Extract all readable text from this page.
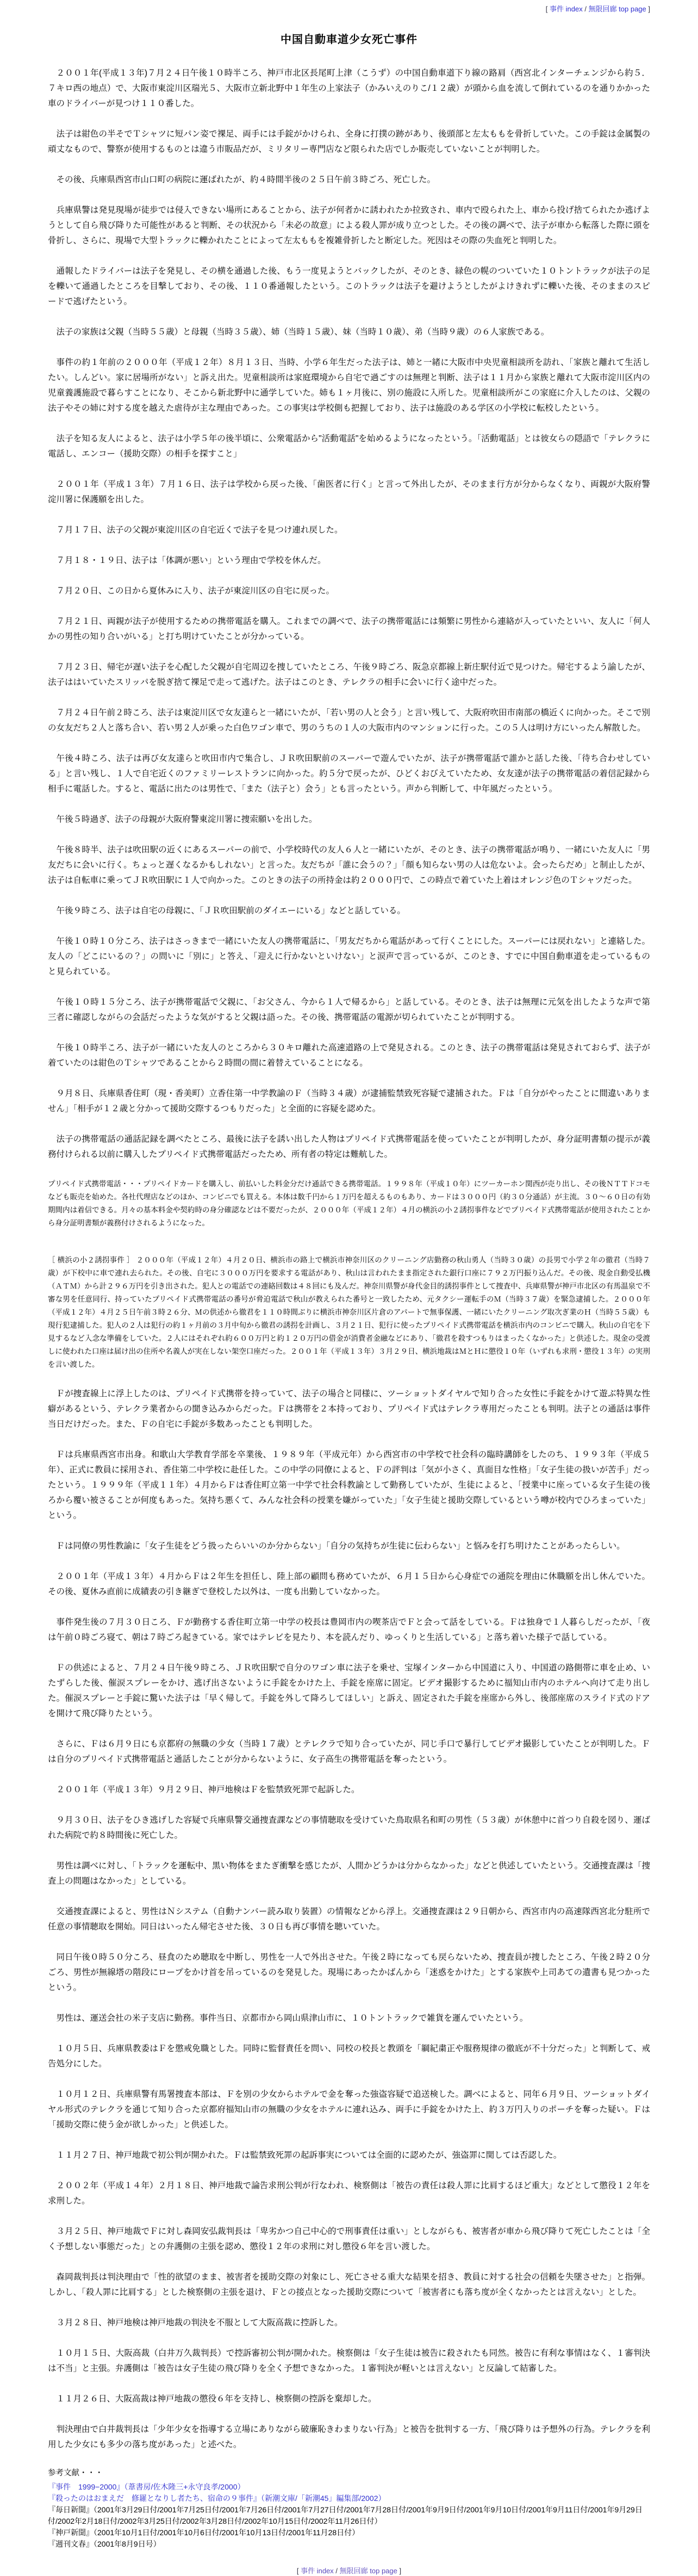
[ 事件 index / 無限回廊 top page ]
中国自動車道少女死亡事件

２００１年(平成１３年)７月２４日午後１０時半ころ、神戸市北区長尾町上津（こうず）の中国自動車道下り線の路肩（西宮北インターチェンジから約５．７キロ西の地点）で、大阪市東淀川区瑞光５、大阪市立新北野中１年生の上家法子（かみいえのりこ/１２歳）が頭から血を流して倒れているのを通りかかった車のドライバーが見つけ１１０番した。

法子は紺色の半そでＴシャツに短パン姿で裸足、両手には手錠がかけられ、全身に打撲の跡があり、後頭部と左太ももを骨折していた。この手錠は金属製の頑丈なもので、警察が使用するものとは違う市販品だが、ミリタリー専門店など限られた店でしか販売していないことが判明した。

その後、兵庫県西宮市山口町の病院に運ばれたが、約４時間半後の２５日午前３時ごろ、死亡した。

兵庫県警は発見現場が徒歩では侵入できない場所にあることから、法子が何者かに誘われたか拉致され、車内で殴られた上、車から投げ捨てられたか逃げようとして自ら飛び降りた可能性があると判断、その状況から「未必の故意」による殺人罪が成り立つとした。その後の調べで、法子が車から転落した際に頭を骨折し、さらに、現場で大型トラックに轢かれたことによって左太ももを複雑骨折したと断定した。死因はその際の失血死と判明した。

通報したドライバーは法子を発見し、その横を通過した後、もう一度見ようとバックしたが、そのとき、緑色の幌のついていた１０トントラックが法子の足を轢いて通過したところを目撃しており、その後、１１０番通報したという。このトラックは法子を避けようとしたがよけきれずに轢いた後、そのままのスピードで逃げたという。

法子の家族は父親（当時５５歳）と母親（当時３５歳）、姉（当時１５歳）、妹（当時１０歳）、弟（当時９歳）の６人家族である。

事件の約１年前の２０００年（平成１２年）８月１３日、当時、小学６年生だった法子は、姉と一緒に大阪市中央児童相談所を訪れ、「家族と離れて生活したい。しんどい。家に居場所がない」と訴え出た。児童相談所は家庭環境から自宅で過ごすのは無理と判断、法子は１１月から家族と離れて大阪市淀川区内の児童養護施設で暮らすことになり、そこから新北野中に通学していた。姉も１ヶ月後に、別の施設に入所した。児童相談所がこの家庭に介入したのは、父親の法子やその姉に対する度を越えた虐待が主な理由であった。この事実は学校側も把握しており、法子は施設のある学区の小学校に転校したという。

法子を知る友人によると、法子は小学５年の後半頃に、公衆電話から"活動電話"を始めるようになったという。「活動電話」とは彼女らの隠語で「テレクラに電話し、エンコー（援助交際）の相手を探すこと」

２００１年（平成１３年）７月１６日、法子は学校から戻った後、「歯医者に行く」と言って外出したが、そのまま行方が分からなくなり、両親が大阪府警淀川署に保護願を出した。

７月１７日、法子の父親が東淀川区の自宅近くで法子を見つけ連れ戻した。

７月１８・１９日、法子は「体調が悪い」という理由で学校を休んだ。

７月２０日、この日から夏休みに入り、法子が東淀川区の自宅に戻った。

７月２１日、両親が法子が使用するための携帯電話を購入。これまでの調べで、法子の携帯電話には頻繁に男性から連絡が入っていたといい、友人に「何人かの男性の知り合いがいる」と打ち明けていたことが分かっている。

７月２３日、帰宅が遅い法子を心配した父親が自宅周辺を捜していたところ、午後９時ごろ、阪急京都線上新庄駅付近で見つけた。帰宅するよう諭したが、法子ははいていたスリッパを脱ぎ捨て裸足で走って逃げた。法子はこのとき、テレクラの相手に会いに行く途中だった。

７月２４日午前２時ころ、法子は東淀川区で女友達らと一緒にいたが、「若い男の人と会う」と言い残して、大阪府吹田市南部の橋近くに向かった。そこで別の女友だち２人と落ち合い、若い男２人が乗った白色ワゴン車で、男のうちの１人の大阪市内のマンションに行った。この５人は明け方にいったん解散した。

午後４時ころ、法子は再び女友達らと吹田市内で集合し、ＪＲ吹田駅前のスーパーで遊んでいたが、法子が携帯電話で誰かと話した後、「待ち合わせしている」と言い残し、１人で自宅近くのファミリーレストランに向かった。約５分で戻ったが、ひどくおびえていたため、女友達が法子の携帯電話の着信記録から相手に電話した。すると、電話に出たのは男性で、「また（法子と）会う」とも言ったという。声から判断して、中年風だったという。

午後５時過ぎ、法子の母親が大阪府警東淀川署に捜索願いを出した。

午後８時半、法子は吹田駅の近くにあるスーパーの前で、小学校時代の友人６人と一緒にいたが、そのとき、法子の携帯電話が鳴り、一緒にいた友人に「男友だちに会いに行く。ちょっと遅くなるかもしれない」と言った。友だちが「誰に会うの？」「顔も知らない男の人は危ないよ。会ったらだめ」と制止したが、法子は自転車に乗ってＪＲ吹田駅に１人で向かった。このときの法子の所持金は約２０００円で、この時点で着ていた上着はオレンジ色のＴシャツだった。

午後９時ころ、法子は自宅の母親に、「ＪＲ吹田駅前のダイエーにいる」などと話している。

午後１０時１０分ころ、法子はさっきまで一緒にいた友人の携帯電話に、「男友だちから電話があって行くことにした。スーパーには戻れない」と連絡した。友人の「どこにいるの？」の問いに「別に」と答え、「迎えに行かないといけない」と涙声で言っているが、このとき、すでに中国自動車道を走っているものと見られている。

午後１０時１５分ころ、法子が携帯電話で父親に、「お父さん、今から１人で帰るから」と話している。そのとき、法子は無理に元気を出したような声で第三者に確認しながらの会話だったような気がすると父親は語った。その後、携帯電話の電源が切られていたことが判明する。

午後１０時半ころ、法子が一緒にいた友人のところから３０キロ離れた高速道路の上で発見される。このとき、法子の携帯電話は発見されておらず、法子が着ていたのは紺色のＴシャツであることから２時間の間に着替えていることになる。

９月８日、兵庫県香住町（現・香美町）立香住第一中学教諭のＦ（当時３４歳）が逮捕監禁致死容疑で逮捕された。Ｆは「自分がやったことに間違いありません」「相手が１２歳と分かって援助交際するつもりだった」と全面的に容疑を認めた。

法子の携帯電話の通話記録を調べたところ、最後に法子を誘い出した人物はプリペイド式携帯電話を使っていたことが判明したが、身分証明書類の提示が義務付けられる以前に購入したプリペイド式携帯電話だったため、所有者の特定は難航した。

プリペイド式携帯電話・・・プリペイドカードを購入し、前払いした料金分だけ通話できる携帯電話。１９９８年（平成１０年）にツーカーホン関西が売り出し、その後ＮＴＴドコモなども販売を始めた。各社代理店などのほか、コンビニでも買える。本体は数千円から１万円を超えるものもあり、カードは３０００円（約３０分通話）が主流。３０～６０日の有効期間内は着信できる。月々の基本料金や契約時の身分確認などは不要だったが、２０００年（平成１２年）４月の横浜の小２誘拐事件などでプリペイド式携帯電話が使用されたことから身分証明書類が義務付けされるようになった。

［ 横浜の小２誘拐事件 ］ ２０００年（平成１２年）４月２０日、横浜市の路上で横浜市神奈川区のクリーニング店勤務の秋山勇人（当時３０歳）の長男で小学２年の徹君（当時７歳）が下校中に車で連れ去られた。その後、自宅に３０００万円を要求する電話があり、秋山は言われたまま指定された銀行口座に７９２万円振り込んだ。その後、現金自動受払機（ＡＴＭ）から計２９６万円を引き出された。犯人との電話での連絡回数は４８回にも及んだ。神奈川県警が身代金目的誘拐事件として捜査中、兵庫県警が神戸市北区の有馬温泉で不審な男を任意同行、持っていたプリペイド式携帯電話の番号が脅迫電話で秋山が教えられた番号と一致したため、元タクシー運転手のＭ（当時３７歳）を緊急逮捕した。２０００年（平成１２年）４月２５日午前３時２６分、Ｍの供述から徹君を１１０時間ぶりに横浜市神奈川区片倉のアパートで無事保護、一緒にいたクリーニング取次ぎ業のＨ（当時５５歳）も現行犯逮捕した。犯人の２人は犯行の約１ヶ月前の３月中旬から徹君の誘拐を計画し、３月２１日、犯行に使ったプリペイド式携帯電話を横浜市内のコンビニで購入。秋山の自宅を下見するなど入念な準備をしていた。２人にはそれぞれ約６００万円と約１２０万円の借金が消費者金融などにあり、「徹君を殺すつもりはまったくなかった」と供述した。現金の受渡しに使われた口座は届け出の住所や名義人が実在しない架空口座だった。２００１年（平成１３年）３月２９日、横浜地裁はＭとＨに懲役１０年（いずれも求刑・懲役１３年）の実刑を言い渡した。

Ｆが捜査線上に浮上したのは、プリペイド式携帯を持っていて、法子の場合と同様に、ツーショットダイヤルで知り合った女性に手錠をかけて遊ぶ特異な性癖があるという、テレクラ業者からの聞き込みからだった。Ｆは携帯を２本持っており、プリペイド式はテレクラ専用だったことも判明。法子との通話は事件当日だけだった。また、Ｆの自宅に手錠が多数あったことも判明した。

Ｆは兵庫県西宮市出身。和歌山大学教育学部を卒業後、１９８９年（平成元年）から西宮市の中学校で社会科の臨時講師をしたのち、１９９３年（平成５年）、正式に教員に採用され、香住第二中学校に赴任した。この中学の同僚によると、Ｆの評判は「気が小さく、真面目な性格」「女子生徒の扱いが苦手」だったという。１９９９年（平成１１年）４月からＦは香住町立第一中学で社会科教諭として勤務していたが、生徒によると、「授業中に座っている女子生徒の後ろから覆い被さることが何度もあった。気持ち悪くて、みんな社会科の授業を嫌がっていた」「女子生徒と援助交際しているという噂が校内でひろまっていた」という。

Ｆは同僚の男性教諭に「女子生徒をどう扱ったらいいのか分からない」「自分の気持ちが生徒に伝わらない」と悩みを打ち明けたことがあったらしい。

２００１年（平成１３年）４月からＦは２年生を担任し、陸上部の顧問も務めていたが、６月１５日から心身症での通院を理由に休職願を出し休んでいた。その後、夏休み直前に成績表の引き継ぎで登校した以外は、一度も出勤していなかった。

事件発生後の７月３０日ころ、Ｆが勤務する香住町立第一中学の校長は豊岡市内の喫茶店でＦと会って話をしている。Ｆは独身で１人暮らしだったが、「夜は午前０時ごろ寝て、朝は７時ごろ起きている。家ではテレビを見たり、本を読んだり、ゆっくりと生活している」と落ち着いた様子で話している。

Ｆの供述によると、７月２４日午後９時ころ、ＪＲ吹田駅で自分のワゴン車に法子を乗せ、宝塚インターから中国道に入り、中国道の路側帯に車を止め、いたずらした後、催涙スプレーをかけ、逃げ出さないように手錠をかけた上、手錠を座席に固定。ビデオ撮影するために福知山市内のホテルへ向けて走り出した。催涙スプレーと手錠に驚いた法子は「早く帰して。手錠を外して降ろしてほしい」と訴え、固定された手錠を座席から外し、後部座席のスライド式のドアを開けて飛び降りたという。

さらに、Ｆは６月９日にも京都府の無職の少女（当時１７歳）とテレクラで知り合っていたが、同じ手口で暴行してビデオ撮影していたことが判明した。Ｆは自分のプリペイド式携帯電話と通話したことが分からないように、女子高生の携帯電話を奪ったという。

２００１年（平成１３年）９月２９日、神戸地検はＦを監禁致死罪で起訴した。

９月３０日、法子をひき逃げした容疑で兵庫県警交通捜査課などの事情聴取を受けていた鳥取県名和町の男性（５３歳）が休憩中に首つり自殺を図り、運ばれた病院で約８時間後に死亡した。

男性は調べに対し、「トラックを運転中、黒い物体をまたぎ衝撃を感じたが、人間かどうかは分からなかった」などと供述していたという。交通捜査課は「捜査上の問題はなかった」としている。

交通捜査課によると、男性はＮシステム（自動ナンバー読み取り装置）の情報などから浮上。交通捜査課は２９日朝から、西宮市内の高速隊西宮北分駐所で任意の事情聴取を開始。同日はいったん帰宅させた後、３０日も再び事情を聴いていた。

同日午後０時５０分ころ、昼食のため聴取を中断し、男性を一人で外出させた。午後２時になっても戻らないため、捜査員が捜したところ、午後２時２０分ごろ、男性が無線塔の階段にロープをかけ首を吊っているのを発見した。現場にあったかばんから「迷惑をかけた」とする家族や上司あての遺書も見つかったという。

男性は、運送会社の米子支店に勤務。事件当日、京都市から岡山県津山市に、１０トントラックで雑貨を運んでいたという。

１０月５日、兵庫県教委はＦを懲戒免職とした。同時に監督責任を問い、同校の校長と教頭を「綱紀粛正や服務規律の徹底が不十分だった」と判断して、戒告処分にした。

１０月１２日、兵庫県警有馬署捜査本部は、Ｆを別の少女からホテルで金を奪った強盗容疑で追送検した。調べによると、同年６月９日、ツーショットダイヤル形式のテレクラを通じて知り合った京都府福知山市の無職の少女をホテルに連れ込み、両手に手錠をかけた上、約３万円入りのポーチを奪った疑い。Ｆは「援助交際に使う金が欲しかった」と供述した。

１１月２７日、神戸地裁で初公判が開かれた。Ｆは監禁致死罪の起訴事実については全面的に認めたが、強盗罪に関しては否認した。

２００２年（平成１４年）２月１８日、神戸地裁で論告求刑公判が行なわれ、検察側は「被告の責任は殺人罪に比肩するほど重大」などとして懲役１２年を求刑した。

３月２５日、神戸地裁でＦに対し森岡安弘裁判長は「卑劣かつ自己中心的で刑事責任は重い」としながらも、被害者が車から飛び降りて死亡したことは「全く予想しない事態だった」との弁護側の主張を認め、懲役１２年の求刑に対し懲役６年を言い渡した。

森岡裁判長は判決理由で「性的欲望のまま、被害者を援助交際の対象にし、死亡させる重大な結果を招き、教員に対する社会の信頼を失墜させた」と指弾。しかし、「殺人罪に比肩する」とした検察側の主張を退け、Ｆとの接点となった援助交際について「被害者にも落ち度が全くなかったとは言えない」とした。

３月２８日、神戸地検は神戸地裁の判決を不服として大阪高裁に控訴した。

１０月１５日、大阪高裁（白井万久裁判長）で控訴審初公判が開かれた。検察側は「女子生徒は被告に殺されたも同然。被告に有利な事情はなく、１審判決は不当」と主張。弁護側は「被告は女子生徒の飛び降りを全く予想できなかった。１審判決が軽いとは言えない」と反論して結審した。

１１月２６日、大阪高裁は神戸地裁の懲役６年を支持し、検察側の控訴を棄却した。

判決理由で白井裁判長は「少年少女を指導する立場にありながら破廉恥きわまりない行為」と被告を批判する一方、「飛び降りは予想外の行為。テレクラを利用した少女にも多少の落ち度があった」と述べた。

参考文献・・・
『事件　1999−2000』（葦書房/佐木隆三+永守良孝/2000）
『殺ったのはおまえだ　修羅となりし者たち、宿命の９事件』（新潮文庫/「新潮45」編集部/2002）
『毎日新聞』（2001年3月29日付/2001年7月25日付/2001年7月26日付/2001年7月27日付/2001年7月28日付/2001年9月9日付/2001年9月10日付/2001年9月11日付/2001年9月29日付/2002年2月18日付/2002年3月25日付/2002年3月28日付/2002年10月15日付/2002年11月26日付）
『神戸新聞』（2001年10月1日付/2001年10月6日付/2001年10月13日付/2001年11月28日付）
『週刊文春』（2001年8月9日号）
[ 事件 index / 無限回廊 top page ]
